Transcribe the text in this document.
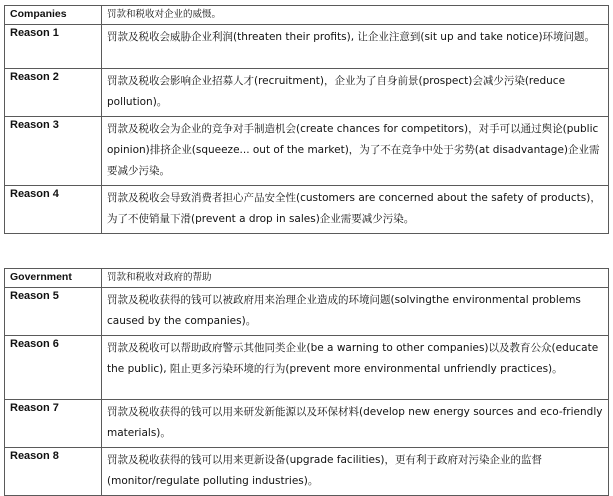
Companies	罚款和税收对企业的威慑。
Reason 1	罚款及税收会威胁企业利润(threaten their profits), 让企业注意到(sit up and take notice)环境问题。
Reason 2	罚款及税收会影响企业招募人才(recruitment)，企业为了自身前景(prospect)会减少污染(reduce pollution)。
Reason 3	罚款及税收会为企业的竞争对手制造机会(create chances for competitors)，对手可以通过舆论(public opinion)排挤企业(squeeze... out of the market)，为了不在竞争中处于劣势(at disadvantage)企业需要减少污染。
Reason 4	罚款及税收会导致消费者担心产品安全性(customers are concerned about the safety of products)，为了不使销量下滑(prevent a drop in sales)企业需要减少污染。
Government	罚款和税收对政府的帮助
Reason 5	罚款及税收获得的钱可以被政府用来治理企业造成的环境问题(solvingthe environmental problems caused by the companies)。
Reason 6	罚款及税收可以帮助政府警示其他同类企业(be a warning to other companies)以及教育公众(educate the public), 阻止更多污染环境的行为(prevent more environmental unfriendly practices)。
Reason 7	罚款及税收获得的钱可以用来研发新能源以及环保材料(develop new energy sources and eco-friendly materials)。
Reason 8	罚款及税收获得的钱可以用来更新设备(upgrade facilities)，更有利于政府对污染企业的监督(monitor/regulate polluting industries)。
